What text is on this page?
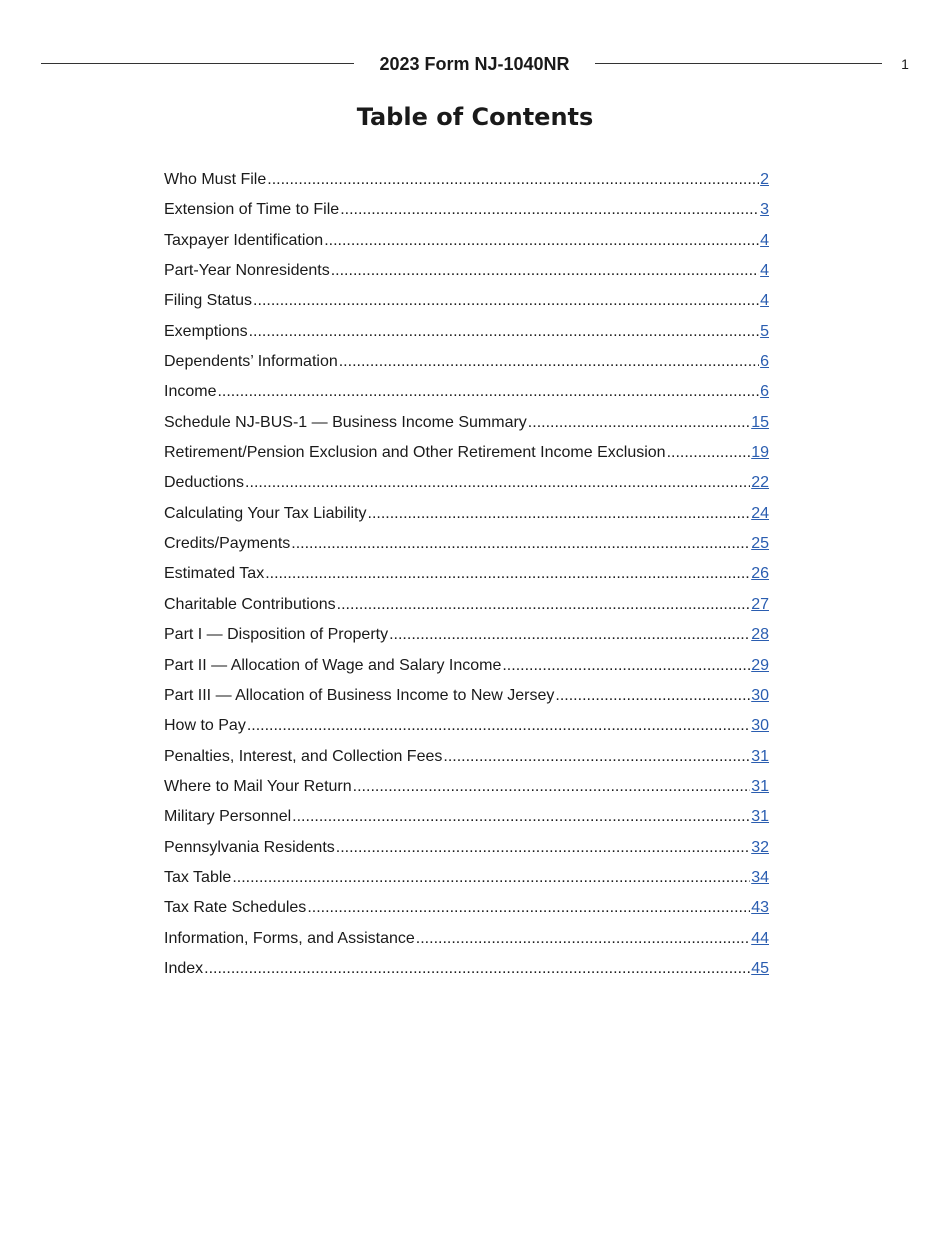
2023 Form NJ-1040NR	1
Table of Contents
Who Must File .....	2
Extension of Time to File .....	3
Taxpayer Identification .....	4
Part-Year Nonresidents .....	4
Filing Status .....	4
Exemptions .....	5
Dependents’ Information .....	6
Income .....	6
Schedule NJ-BUS-1 — Business Income Summary .....	15
Retirement/Pension Exclusion and Other Retirement Income Exclusion .....	19
Deductions .....	22
Calculating Your Tax Liability .....	24
Credits/Payments .....	25
Estimated Tax .....	26
Charitable Contributions .....	27
Part I — Disposition of Property .....	28
Part II — Allocation of Wage and Salary Income .....	29
Part III — Allocation of Business Income to New Jersey .....	30
How to Pay .....	30
Penalties, Interest, and Collection Fees .....	31
Where to Mail Your Return .....	31
Military Personnel .....	31
Pennsylvania Residents .....	32
Tax Table .....	34
Tax Rate Schedules .....	43
Information, Forms, and Assistance .....	44
Index .....	45
